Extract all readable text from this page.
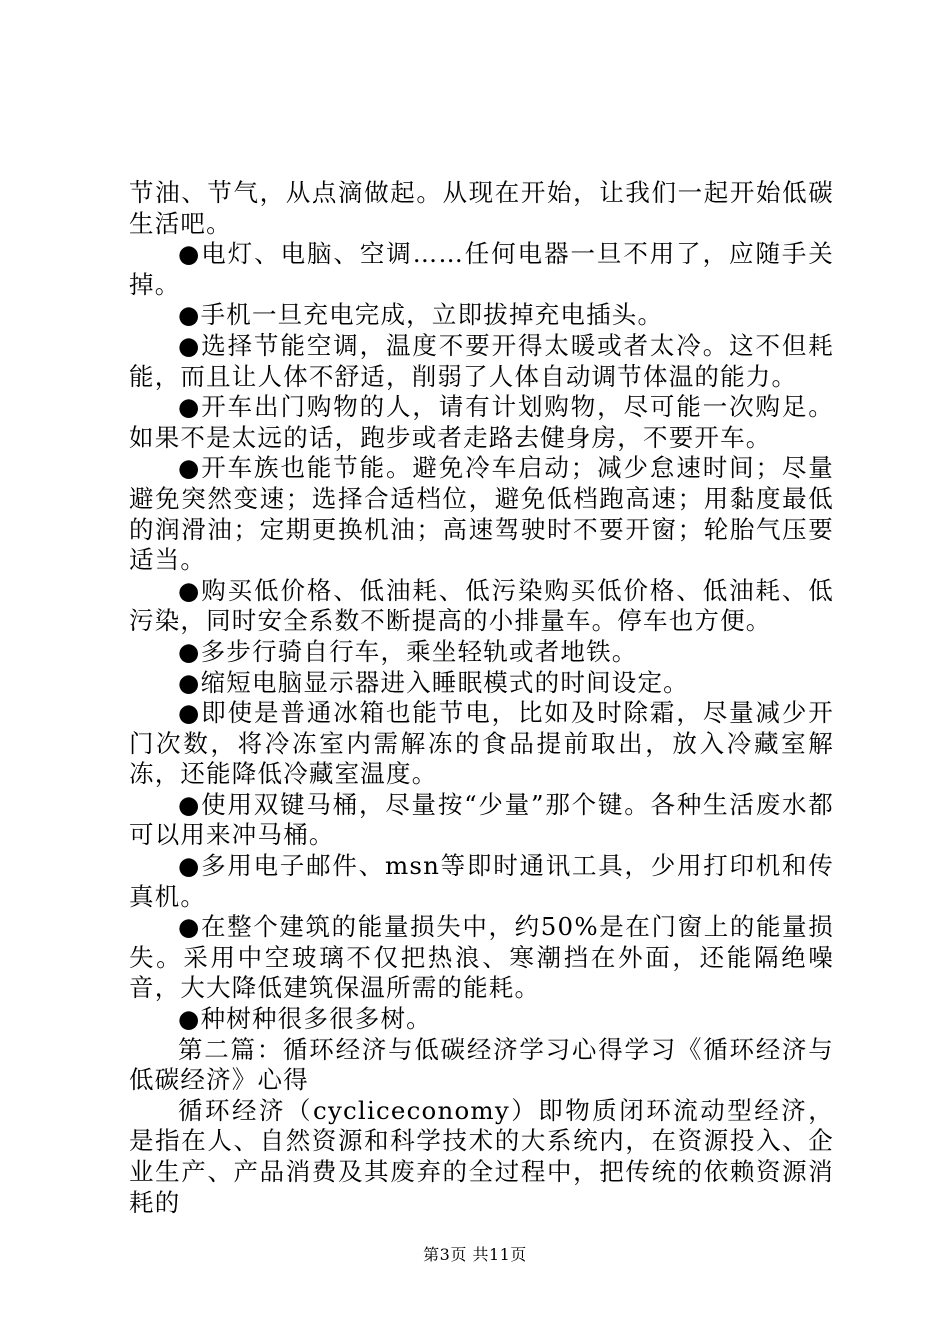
节油、节气，从点滴做起。从现在开始，让我们一起开始低碳生活吧。

●电灯、电脑、空调……任何电器一旦不用了，应随手关掉。

●手机一旦充电完成，立即拔掉充电插头。

●选择节能空调，温度不要开得太暖或者太冷。这不但耗能，而且让人体不舒适，削弱了人体自动调节体温的能力。

●开车出门购物的人，请有计划购物，尽可能一次购足。如果不是太远的话，跑步或者走路去健身房，不要开车。

●开车族也能节能。避免冷车启动；减少怠速时间；尽量避免突然变速；选择合适档位，避免低档跑高速；用黏度最低的润滑油；定期更换机油；高速驾驶时不要开窗；轮胎气压要适当。

●购买低价格、低油耗、低污染购买低价格、低油耗、低污染，同时安全系数不断提高的小排量车。停车也方便。

●多步行骑自行车，乘坐轻轨或者地铁。

●缩短电脑显示器进入睡眠模式的时间设定。

●即使是普通冰箱也能节电，比如及时除霜，尽量减少开门次数，将冷冻室内需解冻的食品提前取出，放入冷藏室解冻，还能降低冷藏室温度。

●使用双键马桶，尽量按“少量”那个键。各种生活废水都可以用来冲马桶。

●多用电子邮件、msn等即时通讯工具，少用打印机和传真机。

●在整个建筑的能量损失中，约50%是在门窗上的能量损失。采用中空玻璃不仅把热浪、寒潮挡在外面，还能隔绝噪音，大大降低建筑保温所需的能耗。

●种树种很多很多树。

第二篇：循环经济与低碳经济学习心得学习《循环经济与低碳经济》心得

循环经济（cycliceconomy）即物质闭环流动型经济，是指在人、自然资源和科学技术的大系统内，在资源投入、企业生产、产品消费及其废弃的全过程中，把传统的依赖资源消耗的

第3页 共11页
